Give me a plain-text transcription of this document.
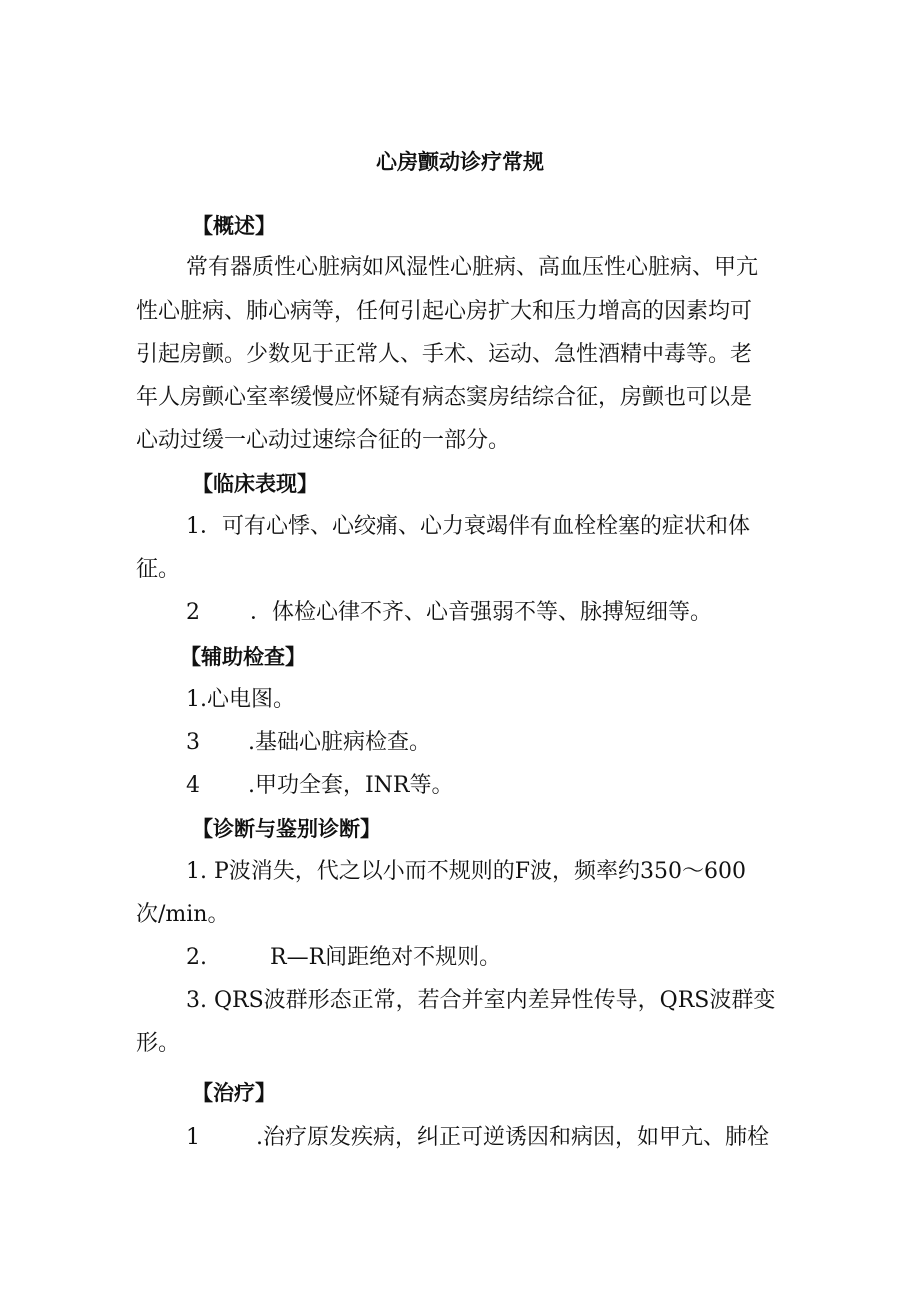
心房颤动诊疗常规
【概述】
常有器质性心脏病如风湿性心脏病、高血压性心脏病、甲亢
性心脏病、肺心病等，任何引起心房扩大和压力增高的因素均可
引起房颤。少数见于正常人、手术、运动、急性酒精中毒等。老
年人房颤心室率缓慢应怀疑有病态窦房结综合征，房颤也可以是
心动过缓一心动过速综合征的一部分。
【临床表现】
1．可有心悸、心绞痛、心力衰竭伴有血栓栓塞的症状和体
征。
2 ．体检心律不齐、心音强弱不等、脉搏短细等。
【辅助检查】
1.心电图。
3 .基础心脏病检查。
4 .甲功全套，INR等。
【诊断与鉴别诊断】
1. P波消失，代之以小而不规则的F波，频率约350～600
次/min。
2.	R—R间距绝对不规则。
3. QRS波群形态正常，若合并室内差异性传导，QRS波群变
形。
【治疗】
1	.治疗原发疾病，纠正可逆诱因和病因，如甲亢、肺栓
